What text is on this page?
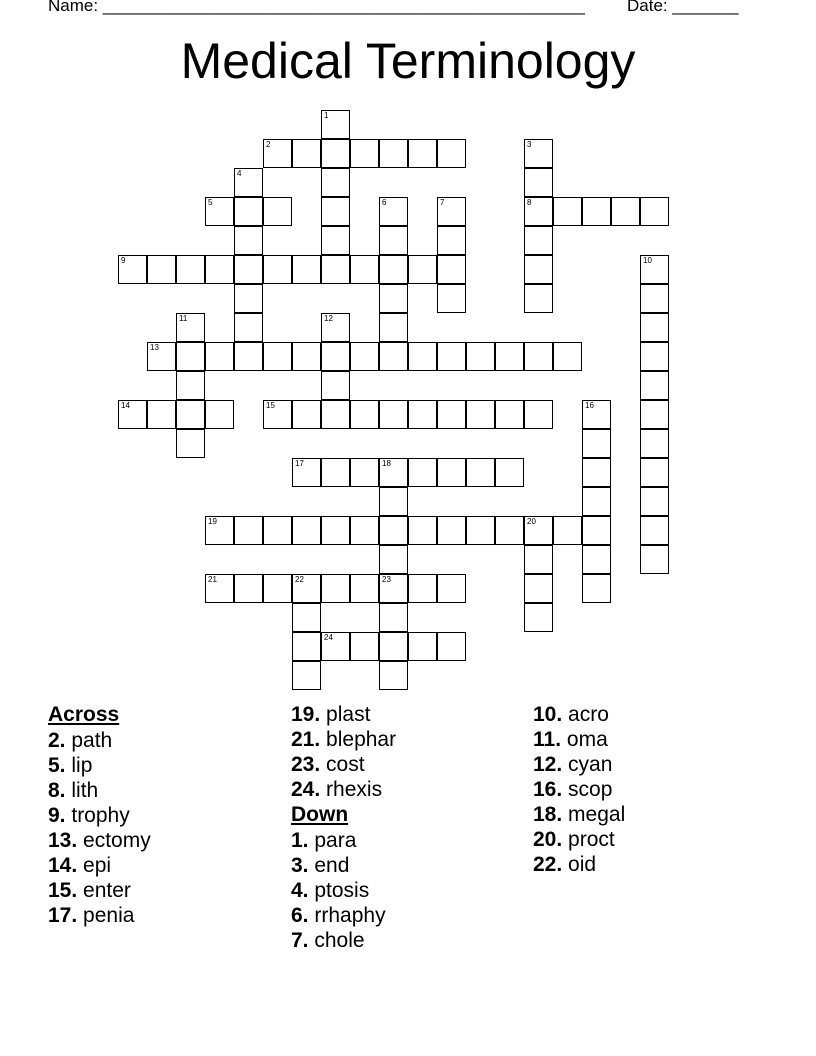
Name: ___________________________________________________ Date: _______
Medical Terminology
1
2	3
8
4
5	6	7
9	10
11	12
13
14	15	16
17	18
23
19	20
21	22
24
Across
2. path
5. lip
8. lith
9. trophy
13. ectomy
14. epi
15. enter
17. penia
19. plast
21. blephar
23. cost
24. rhexis
Down
1. para
3. end
4. ptosis
6. rrhaphy
7. chole
10. acro
11. oma
12. cyan
16. scop
18. megal
20. proct
22. oid
